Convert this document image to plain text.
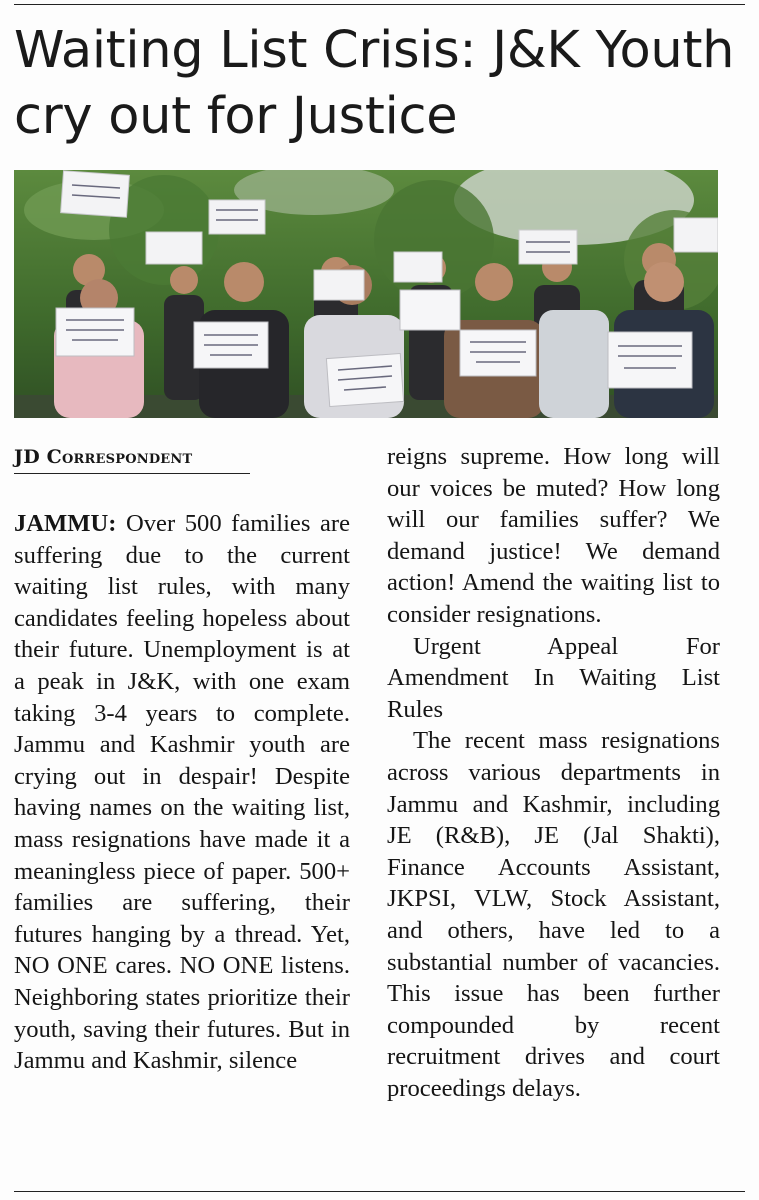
Waiting List Crisis: J&K Youth cry out for Justice
JD Correspondent

JAMMU: Over 500 families are suffering due to the current waiting list rules, with many candidates feeling hopeless about their future. Unemployment is at a peak in J&K, with one exam taking 3-4 years to complete. Jammu and Kashmir youth are crying out in despair! Despite having names on the waiting list, mass resignations have made it a meaningless piece of paper. 500+ families are suffering, their futures hanging by a thread. Yet, NO ONE cares. NO ONE listens. Neighboring states prioritize their youth, saving their futures. But in Jammu and Kashmir, silence

reigns supreme. How long will our voices be muted? How long will our families suffer? We demand justice! We demand action! Amend the waiting list to consider resignations.

Urgent Appeal For Amendment In Waiting List Rules

The recent mass resignations across various departments in Jammu and Kashmir, including JE (R&B), JE (Jal Shakti), Finance Accounts Assistant, JKPSI, VLW, Stock Assistant, and others, have led to a substantial number of vacancies. This issue has been further compounded by recent recruitment drives and court proceedings delays.
